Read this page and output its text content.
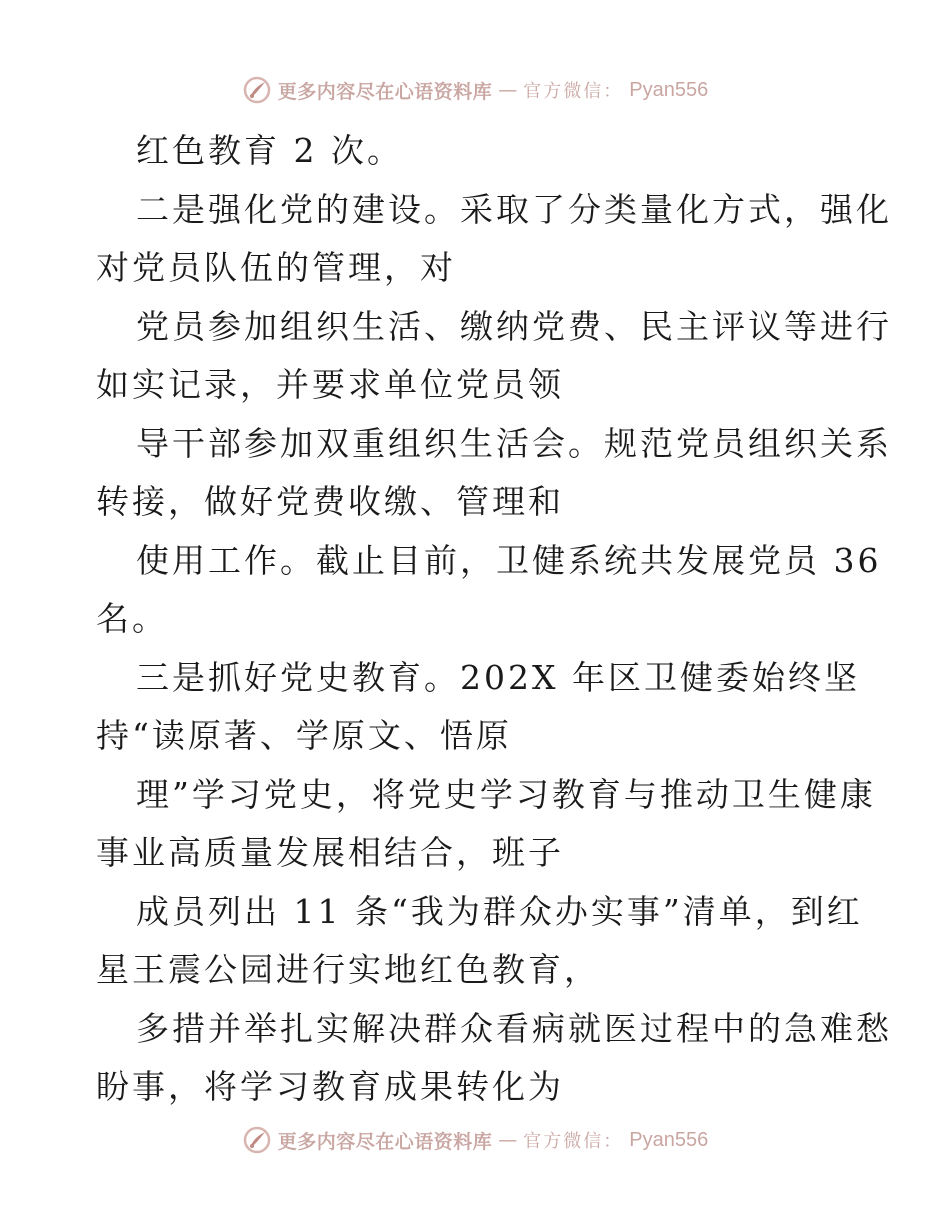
更多内容尽在心语资料库 — 官方微信： Pyan556
红色教育 2 次。
二是强化党的建设。采取了分类量化方式，强化
对党员队伍的管理，对
党员参加组织生活、缴纳党费、民主评议等进行
如实记录，并要求单位党员领
导干部参加双重组织生活会。规范党员组织关系
转接，做好党费收缴、管理和
使用工作。截止目前，卫健系统共发展党员 36
名。
三是抓好党史教育。202X 年区卫健委始终坚
持“读原著、学原文、悟原
理”学习党史，将党史学习教育与推动卫生健康
事业高质量发展相结合，班子
成员列出 11 条“我为群众办实事”清单，到红
星王震公园进行实地红色教育，
多措并举扎实解决群众看病就医过程中的急难愁
盼事，将学习教育成果转化为
更多内容尽在心语资料库 — 官方微信： Pyan556
